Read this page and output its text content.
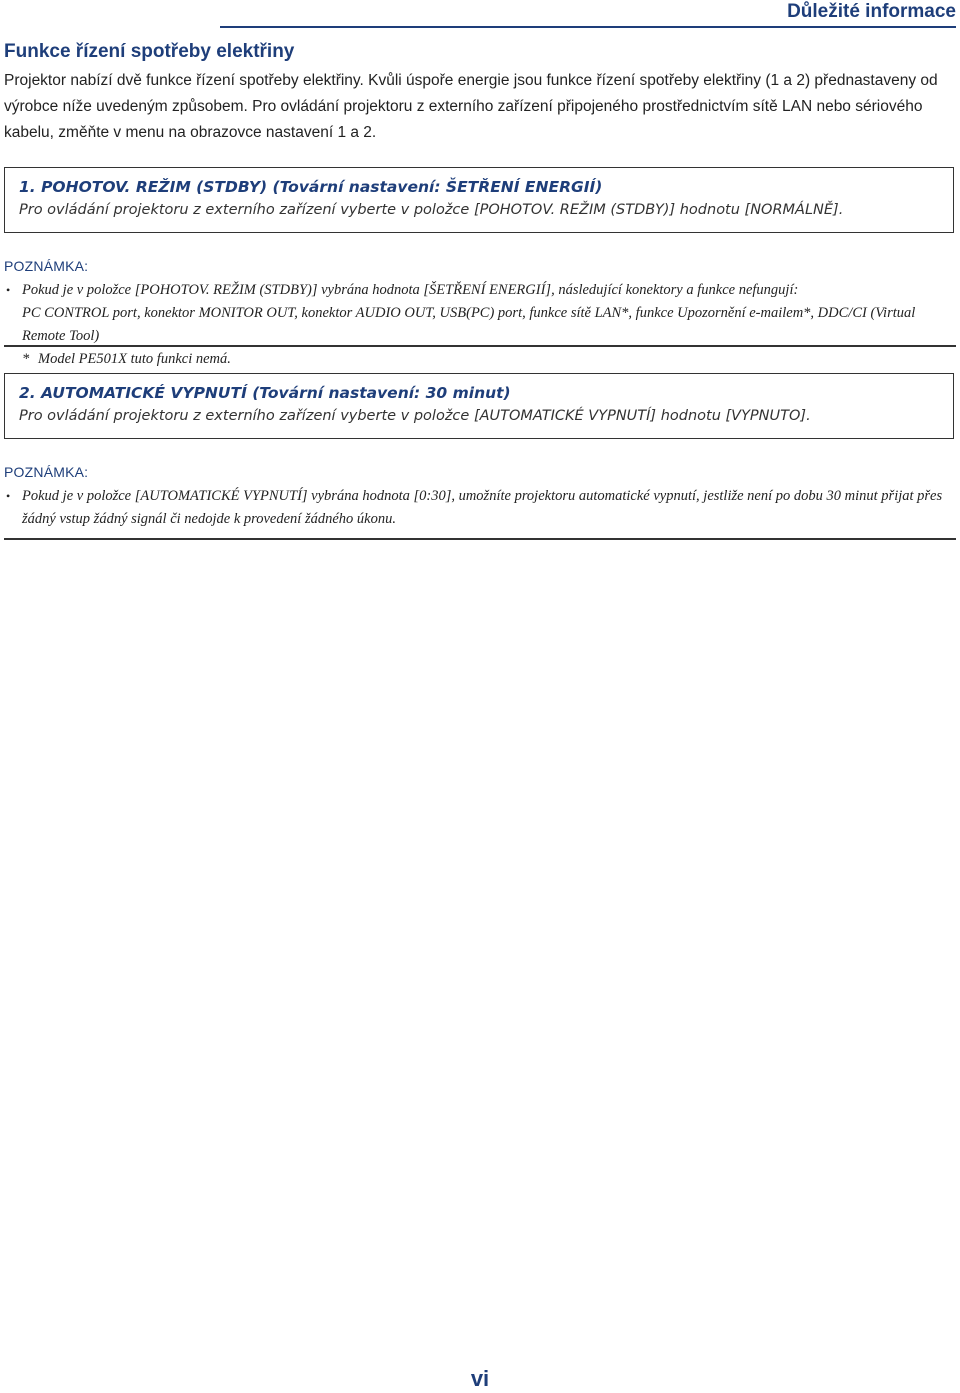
Důležité informace
Funkce řízení spotřeby elektřiny

Projektor nabízí dvě funkce řízení spotřeby elektřiny. Kvůli úspoře energie jsou funkce řízení spotřeby elektřiny (1 a 2) přednastaveny od výrobce níže uvedeným způsobem. Pro ovládání projektoru z externího zařízení připojeného prostřednictvím sítě LAN nebo sériového kabelu, změňte v menu na obrazovce nastavení 1 a 2.

1. POHOTOV. REŽIM (STDBY) (Tovární nastavení: ŠETŘENÍ ENERGIÍ)

Pro ovládání projektoru z externího zařízení vyberte v položce [POHOTOV. REŽIM (STDBY)] hodnotu [NORMÁLNĚ].

POZNÁMKA:
• Pokud je v položce [POHOTOV. REŽIM (STDBY)] vybrána hodnota [ŠETŘENÍ ENERGIÍ], následující konektory a funkce nefungují:
PC CONTROL port, konektor MONITOR OUT, konektor AUDIO OUT, USB(PC) port, funkce sítě LAN*, funkce Upozornění e-mailem*, DDC/CI (Virtual Remote Tool)
* Model PE501X tuto funkci nemá.

2. AUTOMATICKÉ VYPNUTÍ (Tovární nastavení: 30 minut)

Pro ovládání projektoru z externího zařízení vyberte v položce [AUTOMATICKÉ VYPNUTÍ] hodnotu [VYPNUTO].

POZNÁMKA:
• Pokud je v položce [AUTOMATICKÉ VYPNUTÍ] vybrána hodnota [0:30], umožníte projektoru automatické vypnutí, jestliže není po dobu 30 minut přijat přes žádný vstup žádný signál či nedojde k provedení žádného úkonu.
vi
